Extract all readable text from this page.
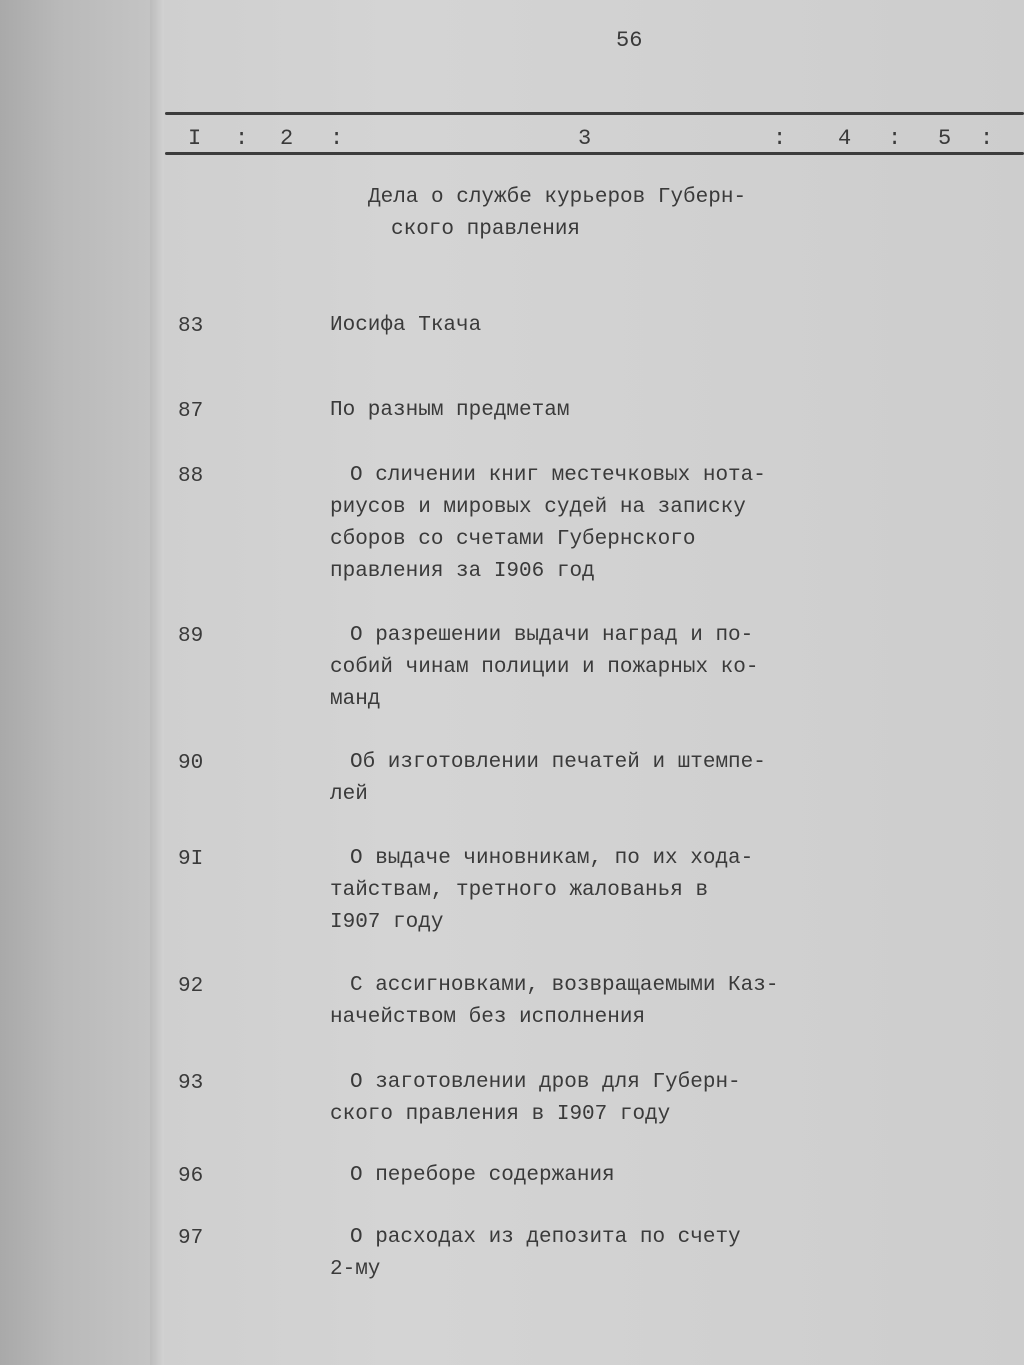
56
I : 2 :	3	: 4 : 5 :
Дела о службе курьеров Губерн-
ского правления
83	Иосифа Ткача
87	По разным предметам
88	О сличении книг местечковых нота-
риусов и мировых судей на записку
сборов со счетами Губернского
правления за I906 год
89	О разрешении выдачи наград и по-
собий чинам полиции и пожарных ко-
манд
90	Об изготовлении печатей и штемпе-
лей
9I	О выдаче чиновникам, по их хода-
тайствам, третного жалованья в
I907 году
92	С ассигновками, возвращаемыми Каз-
начейством без исполнения
93	О заготовлении дров для Губерн-
ского правления в I907 году
96	О переборе содержания
97	О расходах из депозита по счету
2-му
